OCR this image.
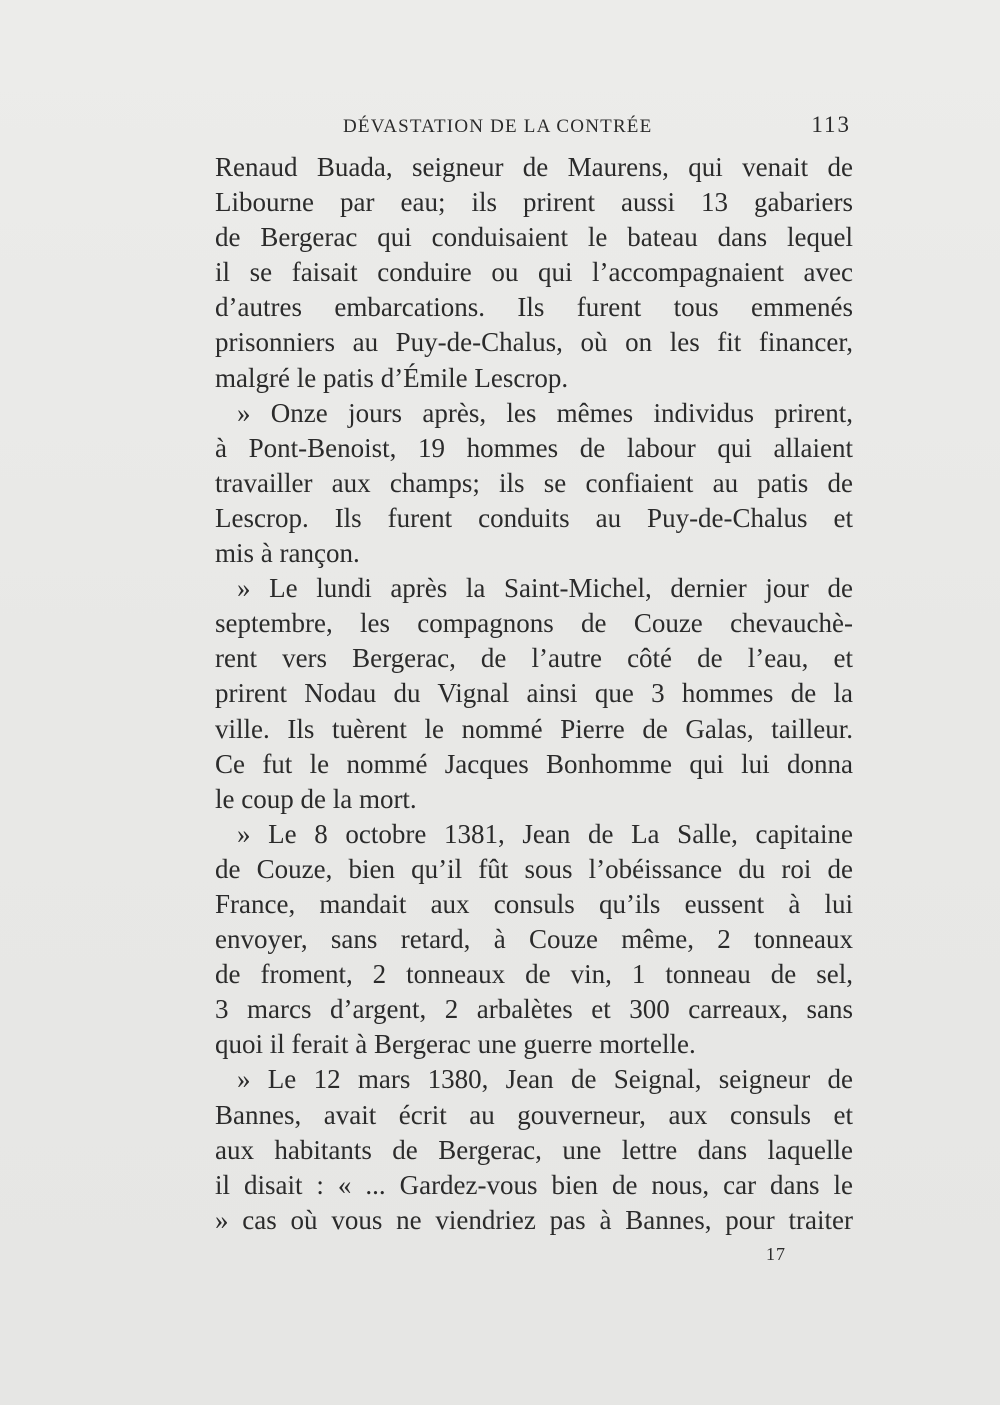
DÉVASTATION DE LA CONTRÉE	113
Renaud Buada, seigneur de Maurens, qui venait de
Libourne par eau; ils prirent aussi 13 gabariers
de Bergerac qui conduisaient le bateau dans lequel
il se faisait conduire ou qui l’accompagnaient avec
d’autres embarcations. Ils furent tous emmenés
prisonniers au Puy-de-Chalus, où on les fit financer,
malgré le patis d’Émile Lescrop.
» Onze jours après, les mêmes individus prirent,
à Pont-Benoist, 19 hommes de labour qui allaient
travailler aux champs; ils se confiaient au patis de
Lescrop. Ils furent conduits au Puy-de-Chalus et
mis à rançon.
» Le lundi après la Saint-Michel, dernier jour de
septembre, les compagnons de Couze chevauchè-
rent vers Bergerac, de l’autre côté de l’eau, et
prirent Nodau du Vignal ainsi que 3 hommes de la
ville. Ils tuèrent le nommé Pierre de Galas, tailleur.
Ce fut le nommé Jacques Bonhomme qui lui donna
le coup de la mort.
» Le 8 octobre 1381, Jean de La Salle, capitaine
de Couze, bien qu’il fût sous l’obéissance du roi de
France, mandait aux consuls qu’ils eussent à lui
envoyer, sans retard, à Couze même, 2 tonneaux
de froment, 2 tonneaux de vin, 1 tonneau de sel,
3 marcs d’argent, 2 arbalètes et 300 carreaux, sans
quoi il ferait à Bergerac une guerre mortelle.
» Le 12 mars 1380, Jean de Seignal, seigneur de
Bannes, avait écrit au gouverneur, aux consuls et
aux habitants de Bergerac, une lettre dans laquelle
il disait : « ... Gardez-vous bien de nous, car dans le
» cas où vous ne viendriez pas à Bannes, pour traiter
17
